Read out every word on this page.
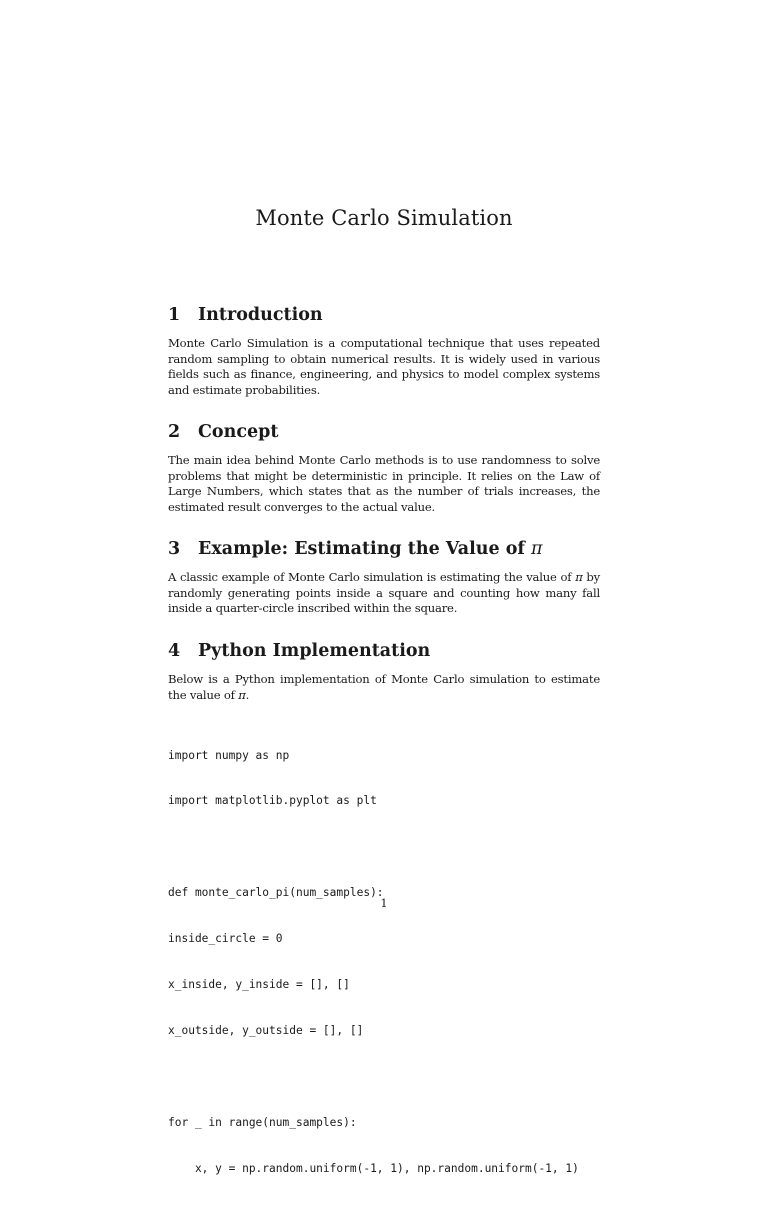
Monte Carlo Simulation
1	Introduction

Monte Carlo Simulation is a computational technique that uses repeated random sampling to obtain numerical results. It is widely used in various fields such as finance, engineering, and physics to model complex systems and estimate probabilities.

2	Concept

The main idea behind Monte Carlo methods is to use randomness to solve problems that might be deterministic in principle. It relies on the Law of Large Numbers, which states that as the number of trials increases, the estimated result converges to the actual value.

3	Example: Estimating the Value of π

A classic example of Monte Carlo simulation is estimating the value of π by randomly generating points inside a square and counting how many fall inside a quarter-circle inscribed within the square.

4	Python Implementation

Below is a Python implementation of Monte Carlo simulation to estimate the value of π.

import numpy as np

import matplotlib.pyplot as plt

def monte_carlo_pi(num_samples):

inside_circle = 0

x_inside, y_inside = [], []

x_outside, y_outside = [], []

for _ in range(num_samples):

x, y = np.random.uniform(-1, 1), np.random.uniform(-1, 1)

1
